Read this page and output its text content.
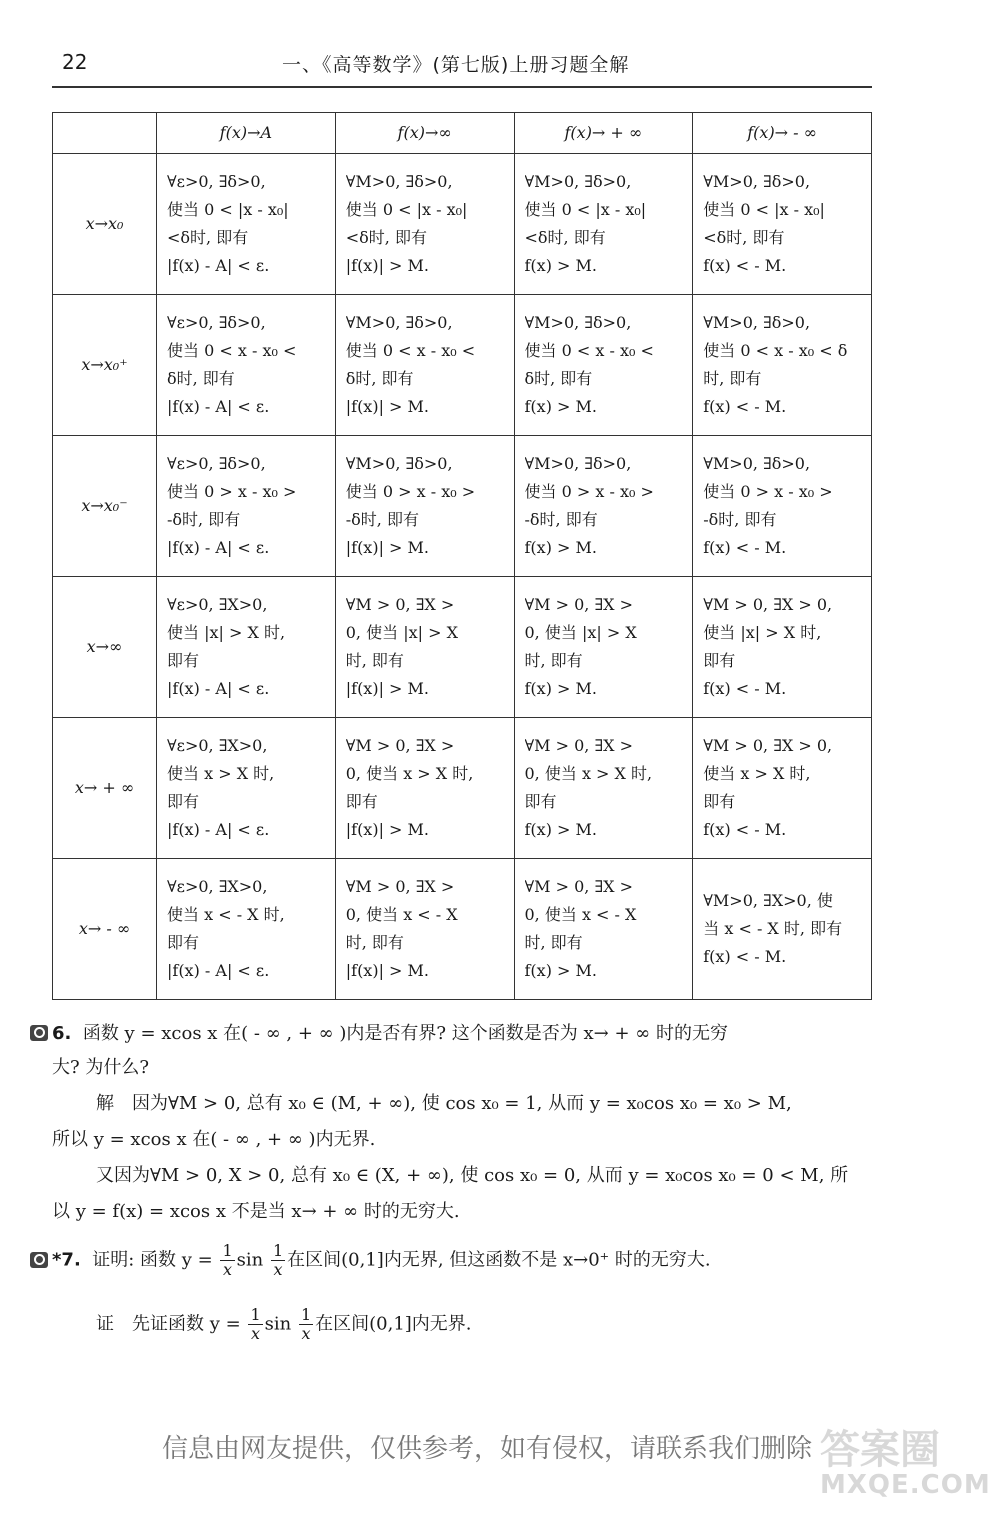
22	一、《高等数学》(第七版)上册习题全解
	f(x)→A	f(x)→∞	f(x)→ + ∞	f(x)→ - ∞
x→x₀	∀ε>0, ∃δ>0,
使当 0 < |x - x₀|
<δ时, 即有
|f(x) - A| < ε.	∀M>0, ∃δ>0,
使当 0 < |x - x₀|
<δ时, 即有
|f(x)| > M.	∀M>0, ∃δ>0,
使当 0 < |x - x₀|
<δ时, 即有
f(x) > M.	∀M>0, ∃δ>0,
使当 0 < |x - x₀|
<δ时, 即有
f(x) < - M.

x→x₀⁺	∀ε>0, ∃δ>0,
使当 0 < x - x₀ <
δ时, 即有
|f(x) - A| < ε.	∀M>0, ∃δ>0,
使当 0 < x - x₀ <
δ时, 即有
|f(x)| > M.	∀M>0, ∃δ>0,
使当 0 < x - x₀ <
δ时, 即有
f(x) > M.	∀M>0, ∃δ>0,
使当 0 < x - x₀ < δ
时, 即有
f(x) < - M.

x→x₀⁻	∀ε>0, ∃δ>0,
使当 0 > x - x₀ >
-δ时, 即有
|f(x) - A| < ε.	∀M>0, ∃δ>0,
使当 0 > x - x₀ >
-δ时, 即有
|f(x)| > M.	∀M>0, ∃δ>0,
使当 0 > x - x₀ >
-δ时, 即有
f(x) > M.	∀M>0, ∃δ>0,
使当 0 > x - x₀ >
-δ时, 即有
f(x) < - M.

x→∞	∀ε>0, ∃X>0,
使当 |x| > X 时,
即有
|f(x) - A| < ε.	∀M > 0, ∃X >
0, 使当 |x| > X
时, 即有
|f(x)| > M.	∀M > 0, ∃X >
0, 使当 |x| > X
时, 即有
f(x) > M.	∀M > 0, ∃X > 0,
使当 |x| > X 时,
即有
f(x) < - M.

x→ + ∞	∀ε>0, ∃X>0,
使当 x > X 时,
即有
|f(x) - A| < ε.	∀M > 0, ∃X >
0, 使当 x > X 时,
即有
|f(x)| > M.	∀M > 0, ∃X >
0, 使当 x > X 时,
即有
f(x) > M.	∀M > 0, ∃X > 0,
使当 x > X 时,
即有
f(x) < - M.

x→ - ∞	∀ε>0, ∃X>0,
使当 x < - X 时,
即有
|f(x) - A| < ε.	∀M > 0, ∃X >
0, 使当 x < - X
时, 即有
|f(x)| > M.	∀M > 0, ∃X >
0, 使当 x < - X
时, 即有
f(x) > M.	∀M>0, ∃X>0, 使
当 x < - X 时, 即有
f(x) < - M.
6. 函数 y = xcos x 在( - ∞ , + ∞ )内是否有界? 这个函数是否为 x→ + ∞ 时的无穷
大? 为什么?
解　因为∀M > 0, 总有 x₀ ∈ (M, + ∞), 使 cos x₀ = 1, 从而 y = x₀cos x₀ = x₀ > M,
所以 y = xcos x 在( - ∞ , + ∞ )内无界.
又因为∀M > 0, X > 0, 总有 x₀ ∈ (X, + ∞), 使 cos x₀ = 0, 从而 y = x₀cos x₀ = 0 < M, 所
以 y = f(x) = xcos x 不是当 x→ + ∞ 时的无穷大.
*7. 证明: 函数 $y = \frac{1}{x}$ $\sin \frac{1}{x}$ 在区间(0,1]内无界, 但这函数不是 x→0⁺ 时的无穷大.
证　先证函数 $y = \frac{1}{x}$ $\sin \frac{1}{x}$ 在区间(0,1]内无界.
信息由网友提供，仅供参考，如有侵权，请联系我们删除 答案圈
MXQE.COM
